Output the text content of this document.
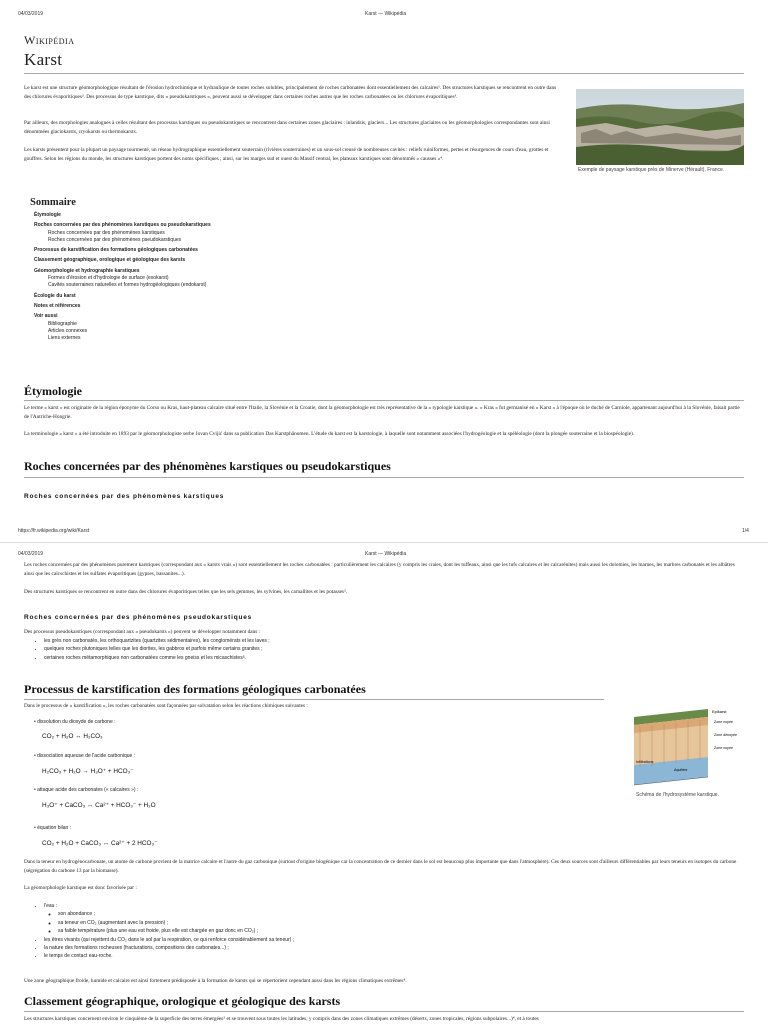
04/03/2019	Karst — Wikipédia
Wikipédia
Karst
Le karst est une structure géomorphologique résultant de l'érosion hydrochimique et hydraulique de toutes roches solubles, principalement de roches carbonatées dont essentiellement des calcaires¹. Des structures karstiques se rencontrent en outre dans des chlorures évaporitiques². Des processus de type karstique, dits « pseudokarstiques », peuvent aussi se développer dans certaines roches autres que les roches carbonatées ou les chlorures évaporitiques³.
Par ailleurs, des morphologies analogues à celles résultant des processus karstiques ou pseudokarstiques se rencontrent dans certaines zones glaciaires : inlandsis, glaciers... Les structures glaciaires ou les géomorphologies correspondantes sont ainsi dénommées glaciokarsts, cryokarsts ou thermokarsts.
Les karsts présentent pour la plupart un paysage tourmenté, un réseau hydrographique essentiellement souterrain (rivières souterraines) et un sous-sol creusé de nombreuses cavités : reliefs ruiniformes, pertes et résurgences de cours d'eau, grottes et gouffres. Selon les régions du monde, les structures karstiques portent des noms spécifiques ; ainsi, sur les marges sud et ouest du Massif central, les plateaux karstiques sont dénommés « causses »⁴.
Exemple de paysage karstique près de Minerve (Hérault), France.
Sommaire
Étymologie
Roches concernées par des phénomènes karstiques ou pseudokarstiques
Roches concernées par des phénomènes karstiques
Roches concernées par des phénomènes pseudokarstiques
Processus de karstification des formations géologiques carbonatées
Classement géographique, orologique et géologique des karsts
Géomorphologie et hydrographie karstiques
Formes d'érosion et d'hydrologie de surface (exokarst)
Cavités souterraines naturelles et formes hydrogéologiques (endokarst)
Écologie du karst
Notes et références
Voir aussi
Bibliographie
Articles connexes
Liens externes
Étymologie
Le terme « karst » est originaire de la région éponyme du Corso ou Kras, haut-plateau calcaire situé entre l'Italie, la Slovénie et la Croatie, dont la géomorphologie est très représentative de la « typologie karstique ». « Kras » fut germanisé en « Karst » à l'époque où le duché de Carniole, appartenant aujourd'hui à la Slovénie, faisait partie de l'Autriche-Hongrie.
La terminologie « karst » a été introduite en 1893 par le géomorphologiste serbe Jovan Cvijić dans sa publication Das Karstphänomen. L'étude du karst est la karstologie, à laquelle sont notamment associées l'hydrogéologie et la spéléologie (dont la plongée souterraine et la biospéologie).
Roches concernées par des phénomènes karstiques ou pseudokarstiques
Roches concernées par des phénomènes karstiques
https://fr.wikipedia.org/wiki/Karst	1/4
04/03/2019	Karst — Wikipédia
Les roches concernées par des phénomènes purement karstiques (correspondant aux « karsts vrais ») sont essentiellement les roches carbonatées : particulièrement les calcaires (y compris les craies, dont les tuffeaux, ainsi que les tufs calcaires et les calcarénites) mais aussi les dolomies, les marnes, les marbres carbonatés et les albâtres ainsi que les calcschistes et les sulfates évaporitiques (gypses, bassanites...).
Des structures karstiques se rencontrent en outre dans des chlorures évaporitiques telles que les sels gemmes, les sylvines, les carnallites et les potasses².
Roches concernées par des phénomènes pseudokarstiques
Des processus pseudokarstiques (correspondant aux « pseudokarsts ») peuvent se développer notamment dans :
• les grès non carbonatés, les orthoquartzites (quartzites sédimentaires), les conglomérats et les laves ;
• quelques roches plutoniques telles que les diorites, les gabbros et parfois même certains granites ;
• certaines roches métamorphiques non carbonatées comme les gneiss et les micaschistes³.
Processus de karstification des formations géologiques carbonatées
Dans le processus de « karstification », les roches carbonatées sont façonnées par solvatation selon les réactions chimiques suivantes :
• dissolution du dioxyde de carbone :
CO₂ + H₂O ↔ H₂CO₃
• dissociation aqueuse de l'acide carbonique :
H₂CO₃ + H₂O → H₃O⁺ + HCO₃⁻
• attaque acide des carbonates (« calcaires ») :
H₃O⁺ + CaCO₃ ↔ Ca²⁺ + HCO₃⁻ + H₂O
• équation bilan :
CO₂ + H₂O + CaCO₃ ↔ Ca²⁺ + 2 HCO₃⁻
Epikarst
Zone noyée
Zone dénoyée
Zone noyée
Infiltrations
Aquifère
Schéma de l'hydrosystème karstique.
Dans la teneur en hydrogénocarbonate, un atome de carbone provient de la matrice calcaire et l'autre du gaz carbonique (surtout d'origine biogénique car la concentration de ce dernier dans le sol est beaucoup plus importante que dans l'atmosphère). Ces deux sources sont d'ailleurs différentiables par leurs teneurs en isotopes du carbone (ségrégation du carbone 13 par la biomasse).
La géomorphologie karstique est donc favorisée par :
• l'eau :
◦ son abondance ;
◦ sa teneur en CO₂ (augmentant avec la pression) ;
◦ sa faible température (plus une eau est froide, plus elle est chargée en gaz donc en CO₂) ;
• les êtres vivants (qui rejettent du CO₂ dans le sol par la respiration, ce qui renforce considérablement sa teneur) ;
• la nature des formations rocheuses (fracturations, compositions des carbonates...) ;
• le temps de contact eau-roche.
Une zone géographique froide, humide et calcaire est ainsi fortement prédisposée à la formation de karsts qui se répertorient cependant aussi dans les régions climatiques extrêmes⁴.
Classement géographique, orologique et géologique des karsts
Les structures karstiques concernent environ le cinquième de la superficie des terres émergées⁵ et se trouvent sous toutes les latitudes, y compris dans des zones climatiques extrêmes (déserts, zones tropicales, régions subpolaires...)⁴, et à toutes
